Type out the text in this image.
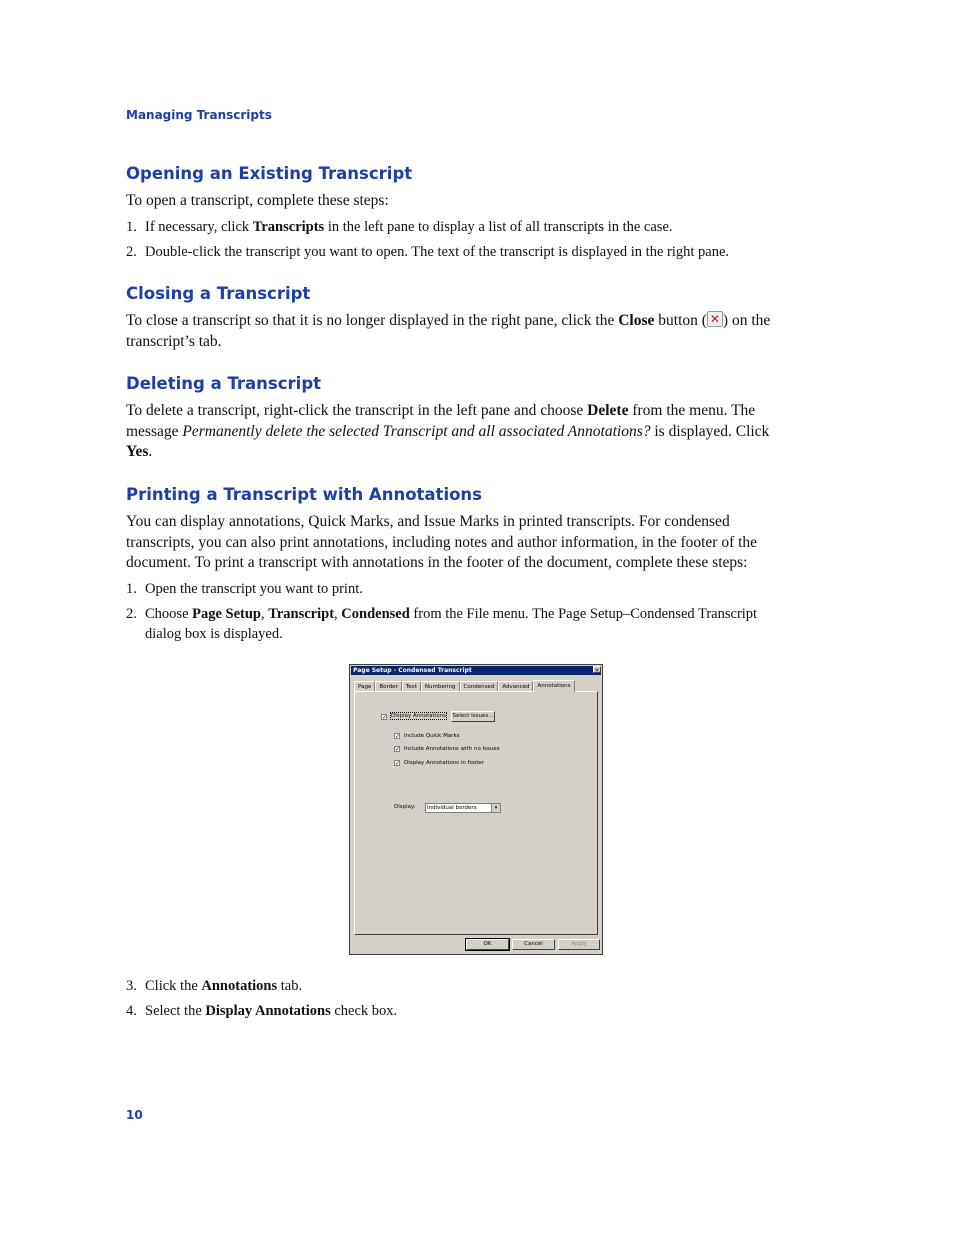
Managing Transcripts
Opening an Existing Transcript
To open a transcript, complete these steps:
1. If necessary, click Transcripts in the left pane to display a list of all transcripts in the case.
2. Double-click the transcript you want to open. The text of the transcript is displayed in the right pane.
Closing a Transcript
To close a transcript so that it is no longer displayed in the right pane, click the Close button ( ✕ ) on the
transcript’s tab.
Deleting a Transcript
To delete a transcript, right-click the transcript in the left pane and choose Delete from the menu. The
message Permanently delete the selected Transcript and all associated Annotations? is displayed. Click
Yes.
Printing a Transcript with Annotations
You can display annotations, Quick Marks, and Issue Marks in printed transcripts. For condensed
transcripts, you can also print annotations, including notes and author information, in the footer of the
document. To print a transcript with annotations in the footer of the document, complete these steps:
1. Open the transcript you want to print.
2. Choose Page Setup, Transcript, Condensed from the File menu. The Page Setup–Condensed Transcript
dialog box is displayed.
Page Setup - Condensed Transcript	×
Page	Border	Text	Numbering	Condensed	Advanced	Annotations
✓ Display Annotations Select Issues...
✓ Include Quick Marks
✓ Include Annotations with no Issues
✓ Display Annotations in footer
Display:	Individual borders	▾
OK	Cancel	Apply
3. Click the Annotations tab.
4. Select the Display Annotations check box.
10
